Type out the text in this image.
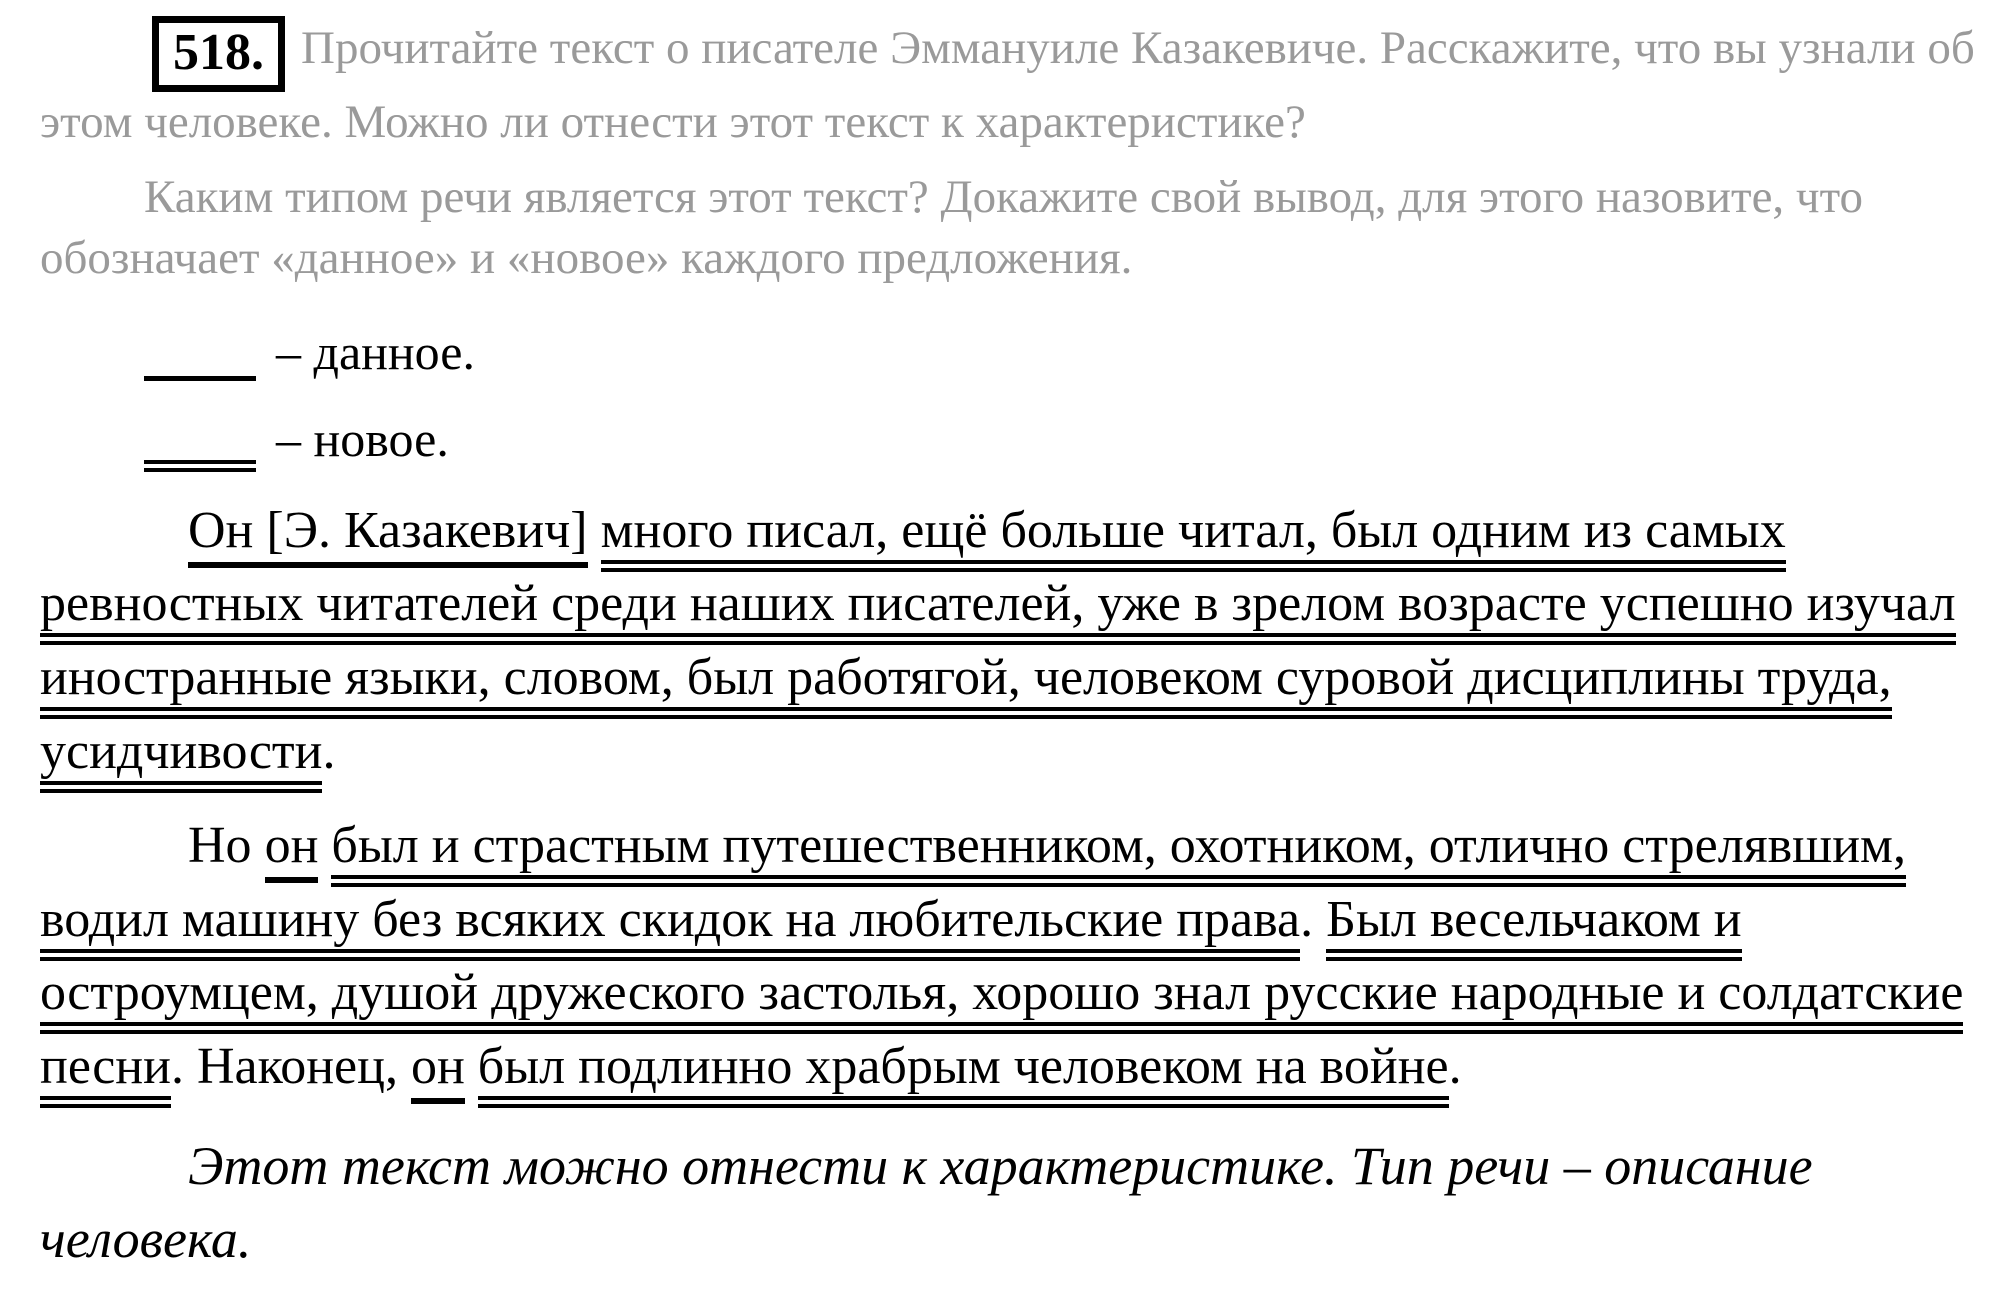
518. Прочитайте текст о писателе Эммануиле Казакевиче. Расскажите, что вы узнали об этом человеке. Можно ли отнести этот текст к характеристике?

Каким типом речи является этот текст? Докажите свой вывод, для этого назовите, что обозначает «данное» и «новое» каждого предложения.

– данное.
– новое.

Он [Э. Казакевич] много писал, ещё больше читал, был одним из самых ревностных читателей среди наших писателей, уже в зрелом возрасте успешно изучал иностранные языки, словом, был работягой, человеком суровой дисциплины труда, усидчивости.

Но он был и страстным путешественником, охотником, отлично стрелявшим, водил машину без всяких скидок на любительские права. Был весельчаком и остроумцем, душой дружеского застолья, хорошо знал русские народные и солдатские песни. Наконец, он был подлинно храбрым человеком на войне.

Этот текст можно отнести к характеристике. Тип речи – описание человека.
